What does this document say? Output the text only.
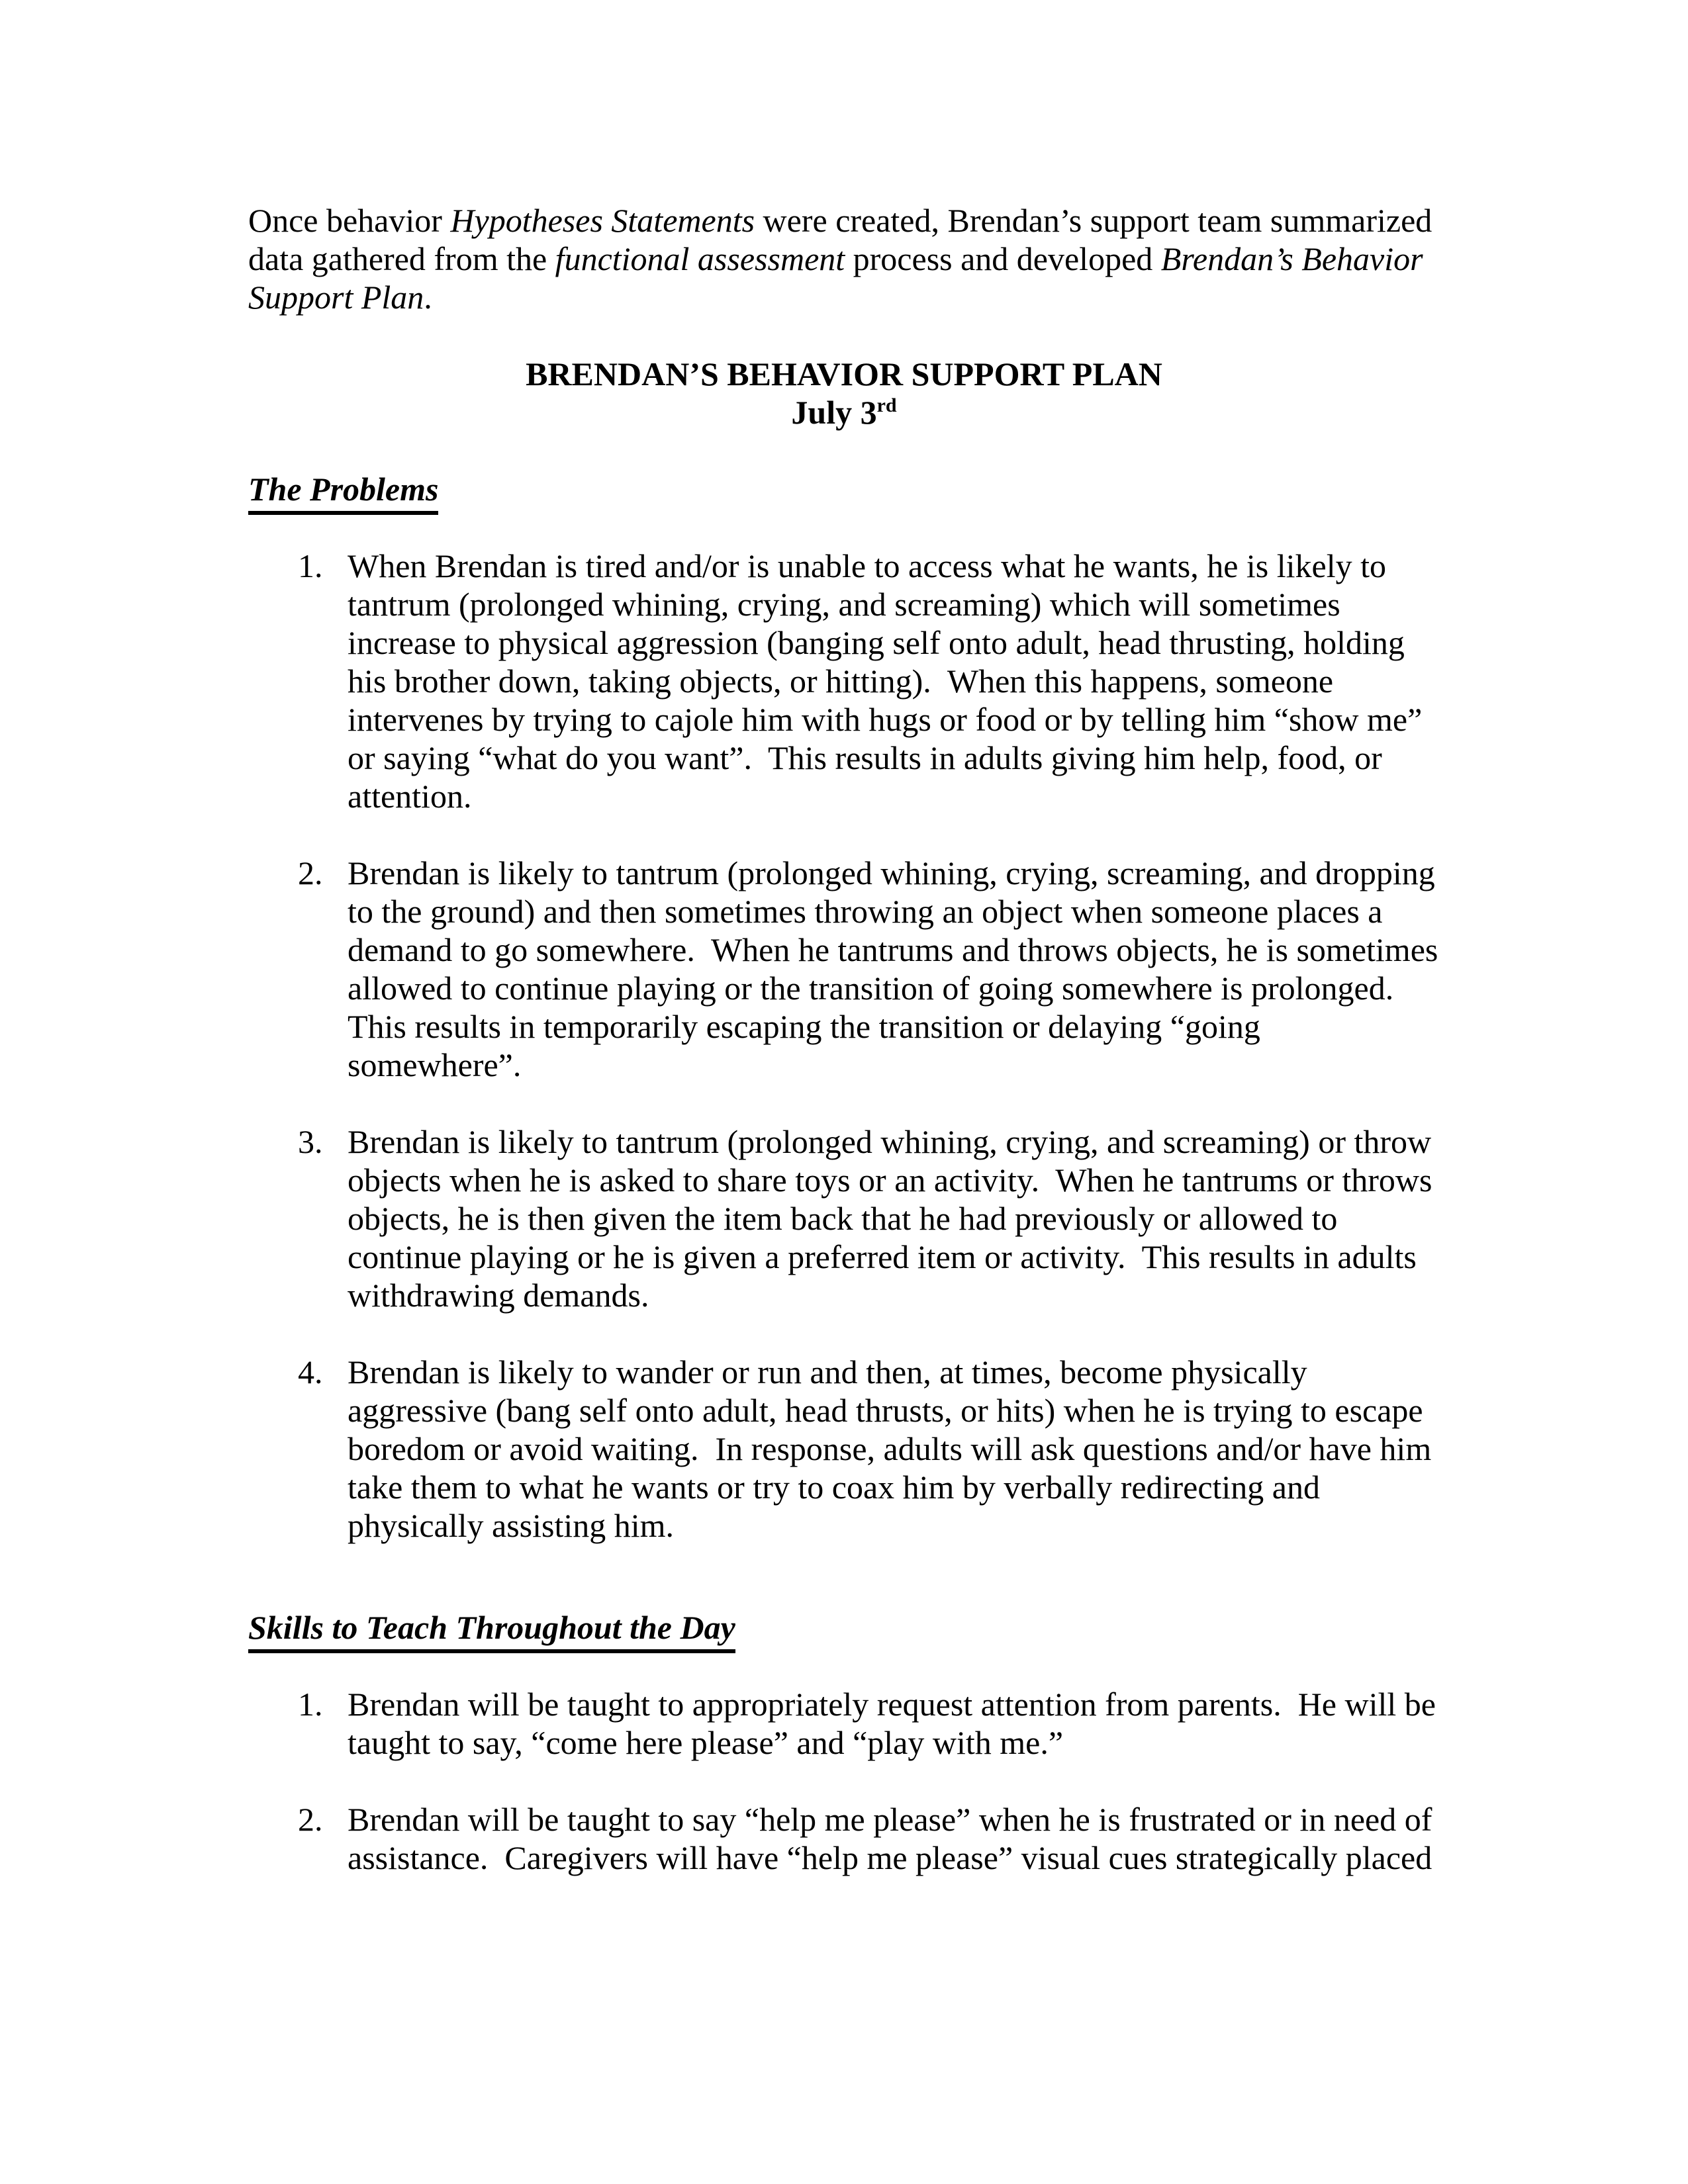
Once behavior Hypotheses Statements were created, Brendan’s support team summarized data gathered from the functional assessment process and developed Brendan’s Behavior Support Plan.

BRENDAN’S BEHAVIOR SUPPORT PLAN
July 3rd
The Problems
1. When Brendan is tired and/or is unable to access what he wants, he is likely to tantrum (prolonged whining, crying, and screaming) which will sometimes increase to physical aggression (banging self onto adult, head thrusting, holding his brother down, taking objects, or hitting).  When this happens, someone intervenes by trying to cajole him with hugs or food or by telling him “show me” or saying “what do you want”.  This results in adults giving him help, food, or attention.
2. Brendan is likely to tantrum (prolonged whining, crying, screaming, and dropping to the ground) and then sometimes throwing an object when someone places a demand to go somewhere.  When he tantrums and throws objects, he is sometimes allowed to continue playing or the transition of going somewhere is prolonged.  This results in temporarily escaping the transition or delaying “going somewhere”.
3. Brendan is likely to tantrum (prolonged whining, crying, and screaming) or throw objects when he is asked to share toys or an activity.  When he tantrums or throws objects, he is then given the item back that he had previously or allowed to continue playing or he is given a preferred item or activity.  This results in adults withdrawing demands.
4. Brendan is likely to wander or run and then, at times, become physically aggressive (bang self onto adult, head thrusts, or hits) when he is trying to escape boredom or avoid waiting.  In response, adults will ask questions and/or have him take them to what he wants or try to coax him by verbally redirecting and physically assisting him.
Skills to Teach Throughout the Day
1. Brendan will be taught to appropriately request attention from parents.  He will be taught to say, “come here please” and “play with me.”
2. Brendan will be taught to say “help me please” when he is frustrated or in need of assistance.  Caregivers will have “help me please” visual cues strategically placed
